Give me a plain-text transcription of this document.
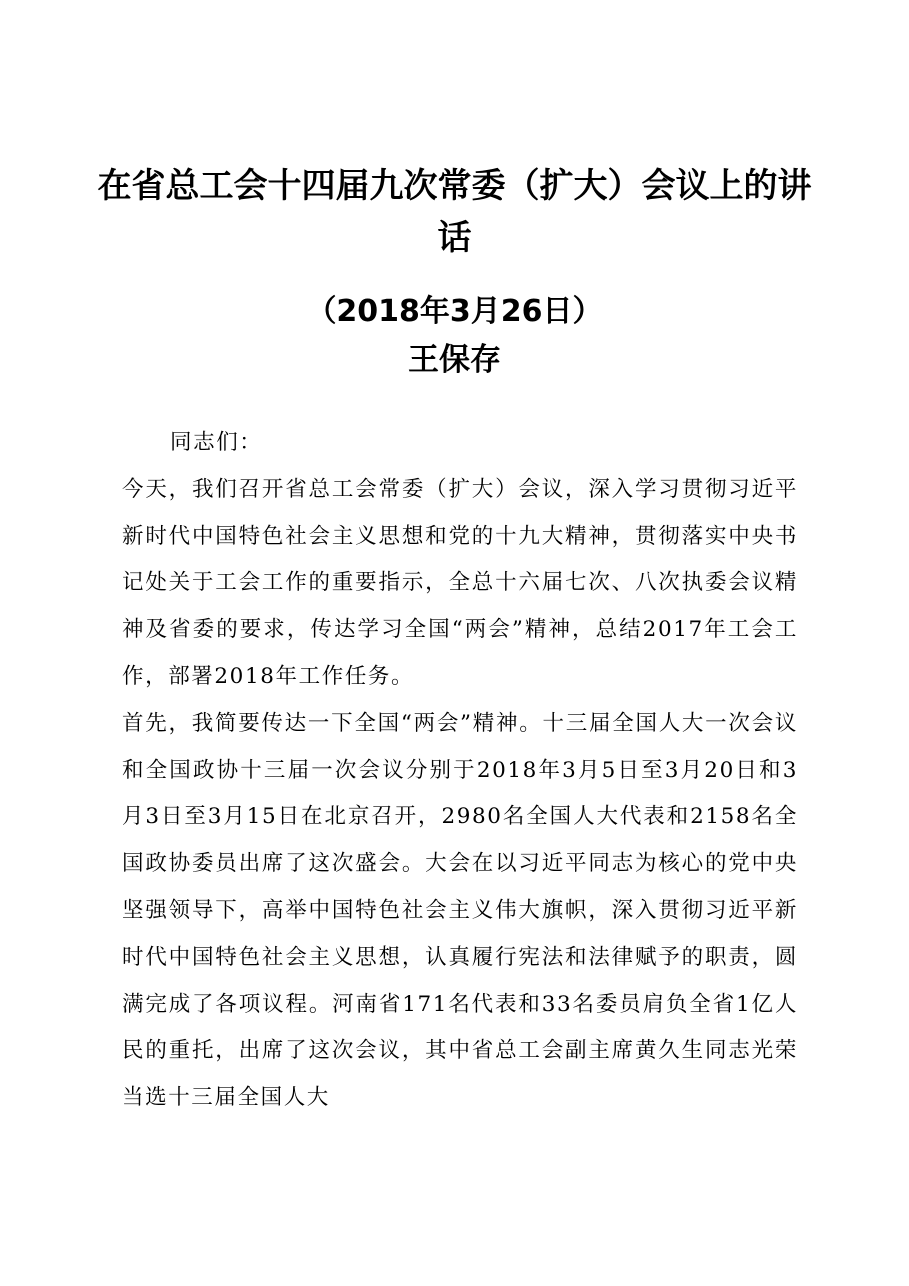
在省总工会十四届九次常委（扩大）会议上的讲话
（2018年3月26日）
王保存

同志们：

今天，我们召开省总工会常委（扩大）会议，深入学习贯彻习近平新时代中国特色社会主义思想和党的十九大精神，贯彻落实中央书记处关于工会工作的重要指示，全总十六届七次、八次执委会议精神及省委的要求，传达学习全国“两会”精神，总结2017年工会工作，部署2018年工作任务。

首先，我简要传达一下全国“两会”精神。十三届全国人大一次会议和全国政协十三届一次会议分别于2018年3月5日至3月20日和3月3日至3月15日在北京召开，2980名全国人大代表和2158名全国政协委员出席了这次盛会。大会在以习近平同志为核心的党中央坚强领导下，高举中国特色社会主义伟大旗帜，深入贯彻习近平新时代中国特色社会主义思想，认真履行宪法和法律赋予的职责，圆满完成了各项议程。河南省171名代表和33名委员肩负全省1亿人民的重托，出席了这次会议，其中省总工会副主席黄久生同志光荣当选十三届全国人大
